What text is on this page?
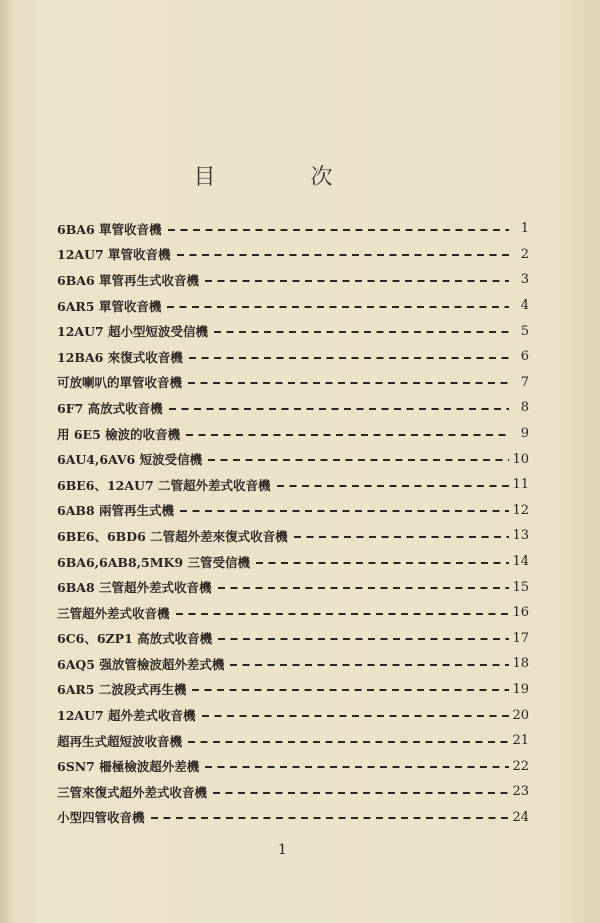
目 次
6BA6 單管收音機	1
12AU7 單管收音機	2
6BA6 單管再生式收音機	3
6AR5 單管收音機	4
12AU7 超小型短波受信機	5
12BA6 來復式收音機	6
可放喇叭的單管收音機	7
6F7 高放式收音機	8
用 6E5 檢波的收音機	9
6AU4,6AV6 短波受信機	10
6BE6、12AU7 二管超外差式收音機	11
6AB8 兩管再生式機	12
6BE6、6BD6 二管超外差來復式收音機	13
6BA6,6AB8,5MK9 三管受信機	14
6BA8 三管超外差式收音機	15
三管超外差式收音機	16
6C6、6ZP1 高放式收音機	17
6AQ5 强放管檢波超外差式機	18
6AR5 二波段式再生機	19
12AU7 超外差式收音機	20
超再生式超短波收音機	21
6SN7 柵極檢波超外差機	22
三管來復式超外差式收音機	23
小型四管收音機	24
1
